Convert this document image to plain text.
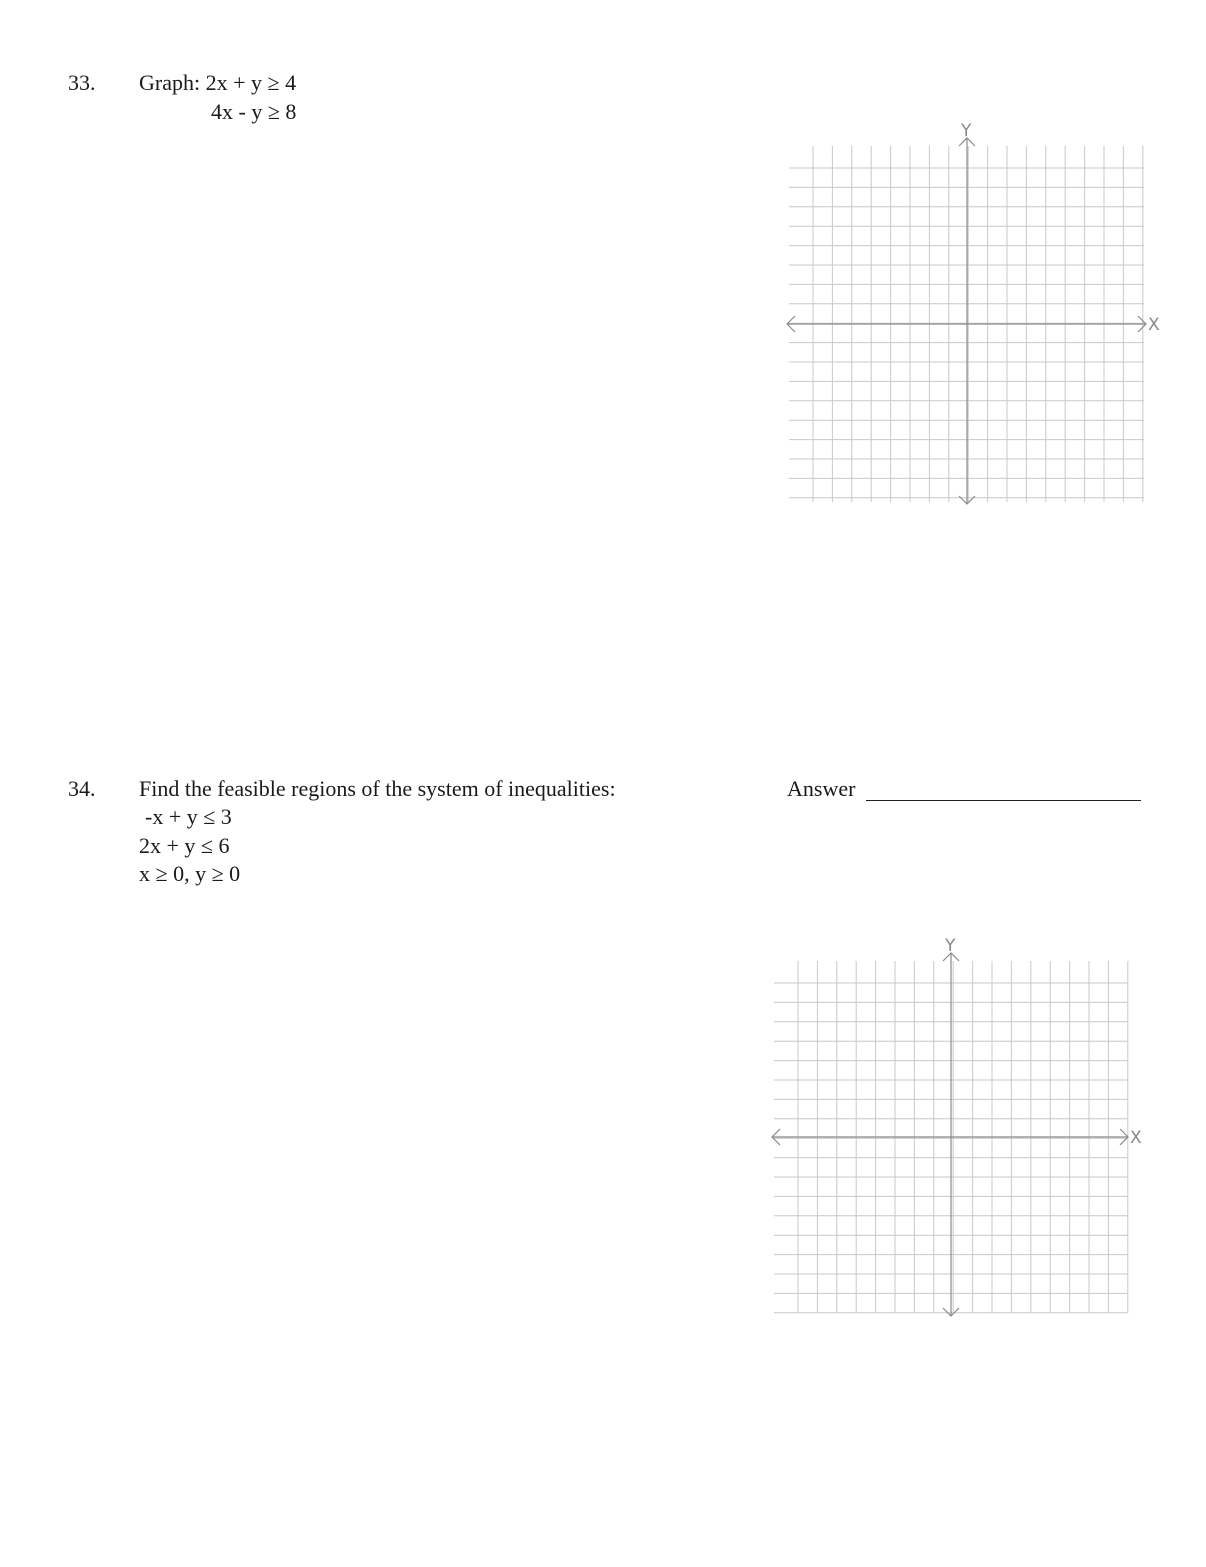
33. Graph: 2x + y ≥ 4
4x - y ≥ 8
X
Y
34. Find the feasible regions of the system of inequalities:
-x + y ≤ 3
2x + y ≤ 6
x ≥ 0, y ≥ 0
Answer
X
Y
